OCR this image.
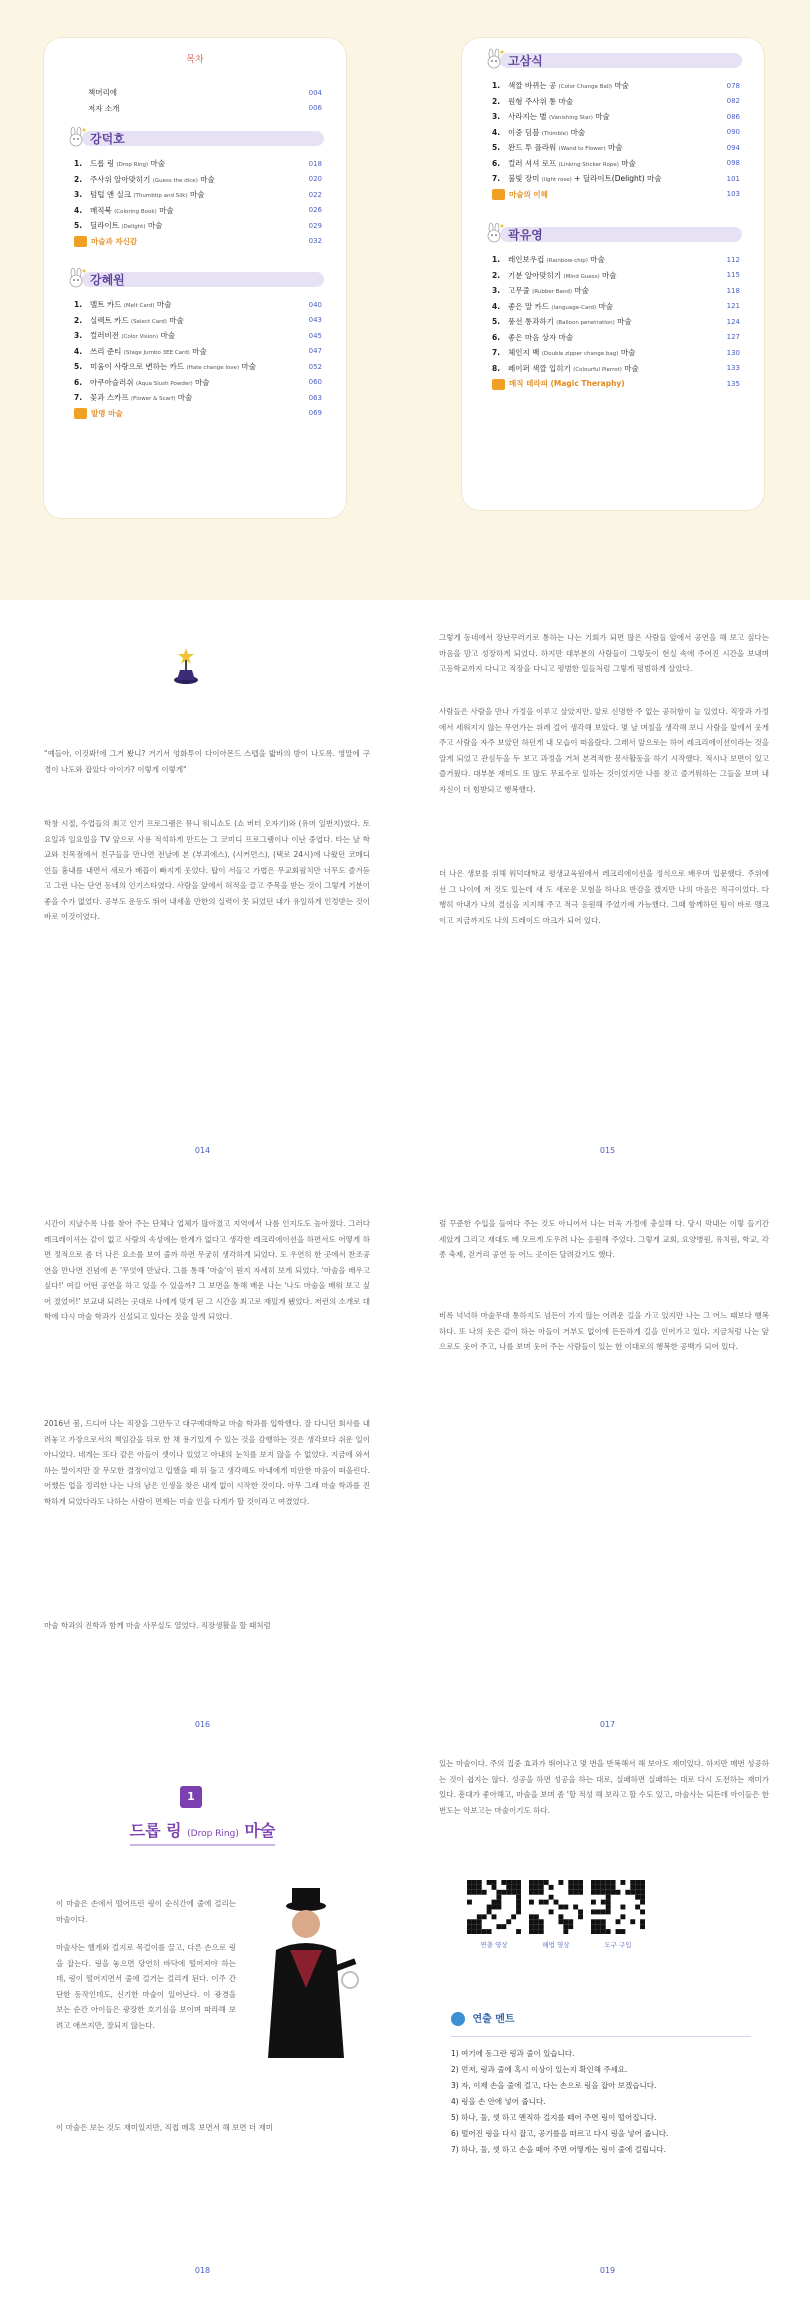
목차
책머리에	004
저자 소개	006
강덕호
1.	드롭 링 (Drop Ring) 마술	018
2.	주사위 알아맞히기 (Guess the dice) 마술	020
3.	텀텁 앤 실크 (Thumbtip and Silk) 마술	022
4.	매직북 (Coloring Book) 마술	026
5.	딜라이트 (Delight) 마술	029
마술과 자신감	032
강혜원
1.	멜트 카드 (Melt Card) 마술	040
2.	실렉트 카드 (Select Card) 마술	043
3.	컬러비전 (Color Vision) 마술	045
4.	쓰리 준티 (Stage Jumbo 3EE Card) 마술	047
5.	미움이 사랑으로 변하는 카드 (Hate change love) 마술	052
6.	아쿠아슬러쉬 (Aqua Slush Powder) 마술	060
7.	꽃과 스카프 (Flower & Scarf) 마술	063
발명 마술	069
고삼식
1.	색깔 바뀌는 공 (Color Change Ball) 마술	078
2.	원형 주사위 통 마술	082
3.	사라지는 별 (Vanishing Star) 마술	086
4.	이중 딤블 (Thimble) 마술	090
5.	완드 투 플라워 (Wand to Flower) 마술	094
6.	컬러 셔셔 로프 (Linking Sticker Rope) 마술	098
7.	불빛 장미 (light rose) + 딜라이트(Delight) 마술	101
마술의 이해	103
곽유영
1.	레인보우컵 (Rainbow-chip) 마술	112
2.	기분 알아맞히기 (Mind Guess) 마술	115
3.	고무줄 (Rubber Band) 마술	118
4.	좋은 말 카드 (language-Card) 마술	121
5.	풍선 통과하기 (Balloon penetration) 마술	124
6.	좋은 마음 상자 마술	127
7.	체인지 백 (Double zipper change bag) 마술	130
8.	페이퍼 색깔 입히기 (Colourful Pierrot) 마술	133
매직 테라피 (Magic Theraphy)	135
"예들아, 이것봐!에 그거 봤니? 거기서 엉화투이 다이아몬드 스텝을 밟바의 밤이 나도록. 영말에 구경이 나도와 잡았다 아이가? 이렇게 이렇게"
학창 시절, 수업들의 최고 인기 프로그램은 뮤니 워니쇼도 (쇼 버터 오자기)와 (유머 일번지)였다. 토요일과 일요일을 TV 앞으로 사용 적석하게 만드는 그 코미디 프로그램이나 이난 중엽다. 타는 날 학교와 친목점에서 친구들을 만나면 전날에 본 (부괴에스), (시커먼스), (택로 24시)에 나왔던 코메디언들 흉내를 내면서 새로가 배꼽이 빠지게 웃었다. 탑이 서들고 가볍은 무교회필치만 너무도 즐겨듣고 그런 나는 단연 동네의 인기스타였다. 사람을 앞에서 허적을 끌고 주목을 받는 것이 그렇게 기분이 좋을 수가 없었다. 공부도 운동도 뛰어 내세울 만한의 실력이 못 되었던 내가 유일하게 인정받는 것이 바로 이것이었다.
014
그렇게 동네에서 장난꾸러기로 통하는 나는 기회가 되면 많은 사람들 앞에서 공연을 해 보고 싶다는 마음을 맘고 성장하게 되었다. 하지만 대부분의 사람들이 그렇듯이 현실 속에 주어진 시간을 보내며 고등학교까지 다니고 직장을 다니고 평범한 일들처럼 그렇게 평범하게 살았다.
사람들은 사람을 만나 가정을 이루고 살았지만. 앞로 신명한 주 없는 공허함이 늘 있었다. 직장과 가정에서 세워지지 않는 무언가는 위례 걸어 생각해 보았다. 몇 날 며칠을 생각해 보니 사람을 앞에서 웃게 주고 사람을 자주 보았던 하던게 내 모습이 떠올랐다. 그래서 앞으로는 하어 레크리에이션이라는 것을 알게 되었고 관심두을 두 보고 과정을 거쳐 본격적한 봉사활동을 하기 시작했다. 적시나 보면이 있고 즐거웠다. 대부분 재미도 또 많도 무료수로 일하는 것이었지만 나를 찾고 즐거워하는 그들을 보며 내 자신이 더 힘받되고 행복했다.
더 나은 생보를 위해 워덕대학교 평생교육원에서 레크리에이션을 정식으로 배우며 입문했다. 주위에선 그 나이에 저 것도 있는데 새 도 새로운 모험을 하나요 반감을 캤지만 나의 마음은 적극이었다. 다행히 아내가 나의 결심을 지지해 주고 적극 응원해 주었기에 가능했다. 그때 함께하던 팀이 바로 맹크이고 지금까지도 나의 드레이드 마크가 되어 있다.
015
시간이 지날수록 나를 찾아 주는 단체나 업체가 많아졌고 지역에서 나름 인지도도 높아졌다. 그러다 레크레이셔는 같이 없고 사람의 속성에는 한계가 없다고 생각한 레크리에이션을 하면서도 어떻게 하면 정적으로 좀 더 나은 요소를 보여 줄까 하면 무궁히 생각하게 되었다. 도 우연히 한 곳에서 찬조공연을 만나면 진념에 온 '무엇에 만났다. 그를 통해 '마술'이 뭔지 자세히 보게 되었다. '마술을 배우고 싶다!' 여길 어떤 공연을 하고 있을 수 있을까? 그 보면을 통해 배운 나는 '나도 마술을 배워 보고 싶어 졌었어!' 보교내 되려는 곳대로 나에게 맞게 된 그 시간을 최고로 재밌게 됐었다. 저런의 소개로 대학에 다시 마술 학과가 신설되고 있다는 것을 알게 되었다.
2016년 봄, 드디어 나는 직장을 그만두고 대구예대학교 마술 학과를 입학했다. 잘 다니던 회사를 내려놓고 가장으로서의 책임감을 뒤로 한 채 용기있게 수 있는 것을 감행하는 것은 생각보다 쉬운 일이 아니었다. 네게는 또다 같은 아들이 셋이나 있었고 아내의 눈치를 보지 않을 수 없었다. 지금에 와서 하는 말이지만 잘 무모한 결정이었고 입했을 때 뒤 돌고 생각해도 아내에게 미안한 마음이 떠올린다. 어쨌든 업을 정리한 나는 나의 남은 인생을 찾은 내게 없이 시작한 것이다. 아무 그래 마술 학과를 진학하게 되었다라도 나하는 사람이 면제는 미술 인을 다게가 할 것이라고 여겼었다.
마술 학과의 진학과 함께 마술 사무실도 열었다. 직장생활을 할 때처럼
016
럼 꾸준한 수입을 들여다 주는 것도 아니어서 나는 더욱 가정에 충실해 다. 당시 막내는 이렇 들기간 세았게 그리고 재대도 배 모르게 도우려 나는 응원해 주었다. 그렇게 교회, 요양병원, 유치원, 학교, 각종 축제, 걷거리 공연 등 어느 곳이든 달려갔기도 했다.
비록 넉넉하 마술무대 통하지도 넘든이 가지 않는 어려운 길을 가고 있지만 나는 그 어느 때보다 행복하다. 또 나의 웃은 같이 하는 아들이 거부도 없이에 든든하게 길을 인어가고 있다. 지금처럼 나는 앞으로도 웃어 주고, 나를 보며 웃어 주는 사람들이 있는 한 이대로의 행복한 공백가 되어 있다.
017
1
드롭 링 (Drop Ring) 마술
이 마술은 손에서 떨어뜨린 링이 순식간에 줄에 걸리는 마술이다.
마술사는 헬게와 걸지로 목걸이를 끌고, 다른 손으로 링을 잡는다. 링을 놓으면 당연히 바닥에 떨어져야 하는데, 링이 떨어지면서 줄에 걸거는 걸리게 된다. 이주 간단한 동작인데도, 신기한 마술이 일어난다. 이 광경을 보는 순간 아이들은 광장한 호기심을 보이며 따라해 보려고 애쓰지만, 잘되지 않는다.
이 마술은 보는 것도 재미있지만, 직접 매혹 보면서 해 보면 더 재미
018
있는 마술이다. 주의 집중 효과가 뛰어나고 몇 번을 반복해서 해 보아도 재미있다. 하지만 매번 성공하는 것이 쉽지는 않다. 성공을 하면 성공을 하는 대로, 실패하면 실패하는 대로 다시 도전하는 재미가 있다. 흥대가 좋아해고, 마술을 보며 좀 '할 적성 해 보라고 할 수도 있고, 마술사는 되든데 아이들은 한 번도는 악보고는 마술이기도 하다.
연출 영상	해법 영상	도구 구입
연출 멘트
1) 여기에 동그란 링과 줄이 있습니다.
2) 먼저, 링과 줄에 혹시 이상이 있는지 확인해 주세요.
3) 자, 이제 손을 줄에 걸고, 다는 손으로 링을 잡아 보겠습니다.
4) 링을 손 안에 넣어 줍니다.
5) 하나, 둘, 셋 하고 멘직하 걸지를 떼어 주면 링이 떨어집니다.
6) 떨어진 링을 다시 잡고, 공기를을 떠르고 다시 링을 넣어 줍니다.
7) 하나, 둘, 셋 하고 손을 떼어 주면 어떻게는 링이 줄에 걸립니다.
019
